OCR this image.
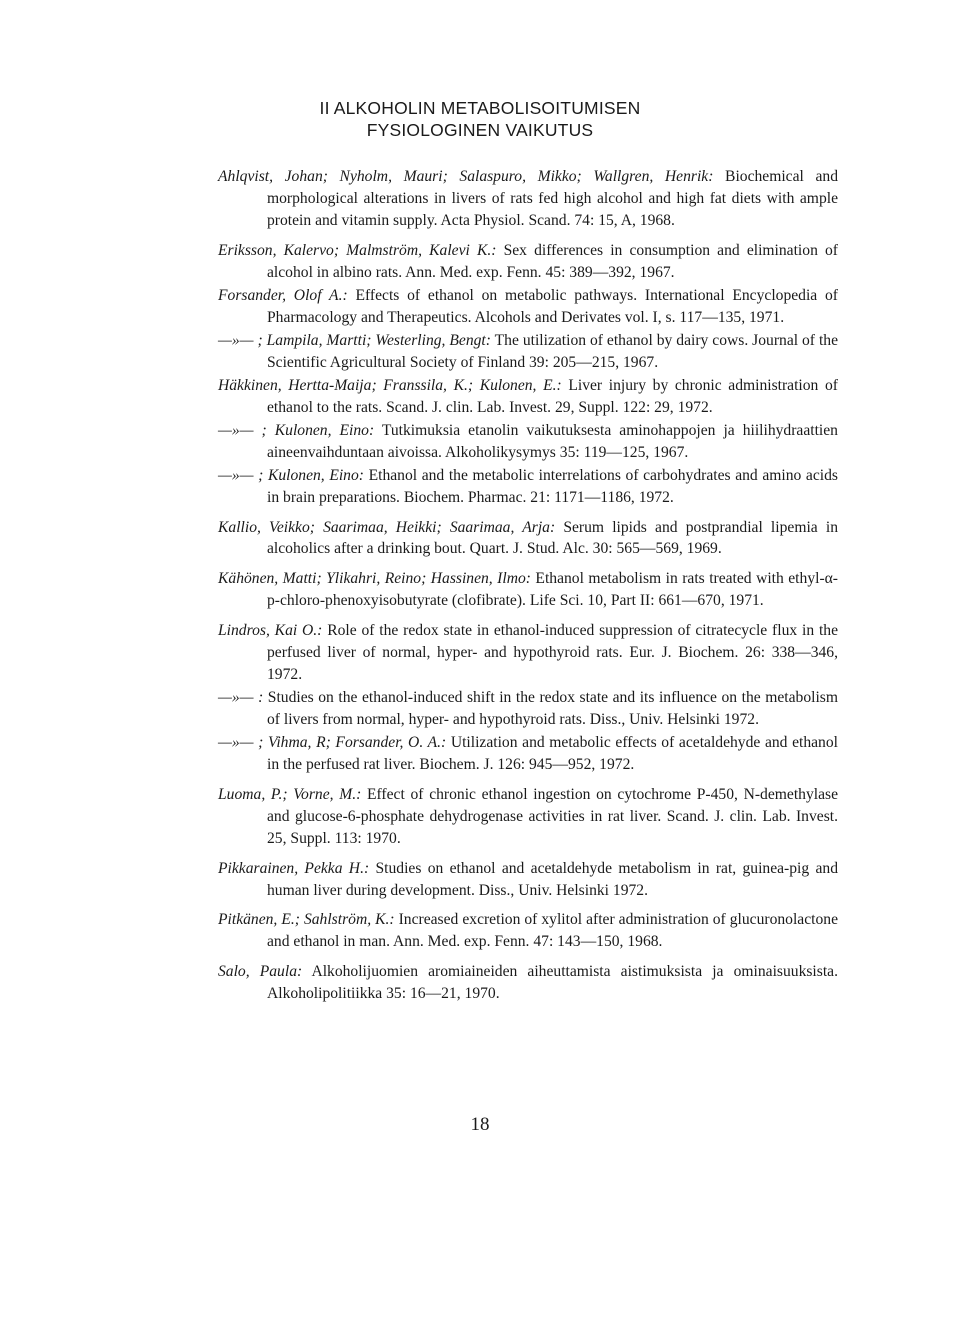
II ALKOHOLIN METABOLISOITUMISEN
FYSIOLOGINEN VAIKUTUS

Ahlqvist, Johan; Nyholm, Mauri; Salaspuro, Mikko; Wallgren, Henrik: Biochemical and morphological alterations in livers of rats fed high alcohol and high fat diets with ample protein and vitamin supply. Acta Physiol. Scand. 74: 15, A, 1968.

Eriksson, Kalervo; Malmström, Kalevi K.: Sex differences in consumption and elimination of alcohol in albino rats. Ann. Med. exp. Fenn. 45: 389—392, 1967.

Forsander, Olof A.: Effects of ethanol on metabolic pathways. International Encyclopedia of Pharmacology and Therapeutics. Alcohols and Derivates vol. I, s. 117—135, 1971.

—»— ; Lampila, Martti; Westerling, Bengt: The utilization of ethanol by dairy cows. Journal of the Scientific Agricultural Society of Finland 39: 205—215, 1967.

Häkkinen, Hertta-Maija; Franssila, K.; Kulonen, E.: Liver injury by chronic administration of ethanol to the rats. Scand. J. clin. Lab. Invest. 29, Suppl. 122: 29, 1972.

—»— ; Kulonen, Eino: Tutkimuksia etanolin vaikutuksesta aminohappojen ja hiilihydraattien aineenvaihduntaan aivoissa. Alkoholikysymys 35: 119—125, 1967.

—»— ; Kulonen, Eino: Ethanol and the metabolic interrelations of carbohydrates and amino acids in brain preparations. Biochem. Pharmac. 21: 1171—1186, 1972.

Kallio, Veikko; Saarimaa, Heikki; Saarimaa, Arja: Serum lipids and postprandial lipemia in alcoholics after a drinking bout. Quart. J. Stud. Alc. 30: 565—569, 1969.

Kähönen, Matti; Ylikahri, Reino; Hassinen, Ilmo: Ethanol metabolism in rats treated with ethyl-α-p-chloro-phenoxyisobutyrate (clofibrate). Life Sci. 10, Part II: 661—670, 1971.

Lindros, Kai O.: Role of the redox state in ethanol-induced suppression of citratecycle flux in the perfused liver of normal, hyper- and hypothyroid rats. Eur. J. Biochem. 26: 338—346, 1972.

—»— : Studies on the ethanol-induced shift in the redox state and its influence on the metabolism of livers from normal, hyper- and hypothyroid rats. Diss., Univ. Helsinki 1972.

—»— ; Vihma, R; Forsander, O. A.: Utilization and metabolic effects of acetaldehyde and ethanol in the perfused rat liver. Biochem. J. 126: 945—952, 1972.

Luoma, P.; Vorne, M.: Effect of chronic ethanol ingestion on cytochrome P-450, N-demethylase and glucose-6-phosphate dehydrogenase activities in rat liver. Scand. J. clin. Lab. Invest. 25, Suppl. 113: 1970.

Pikkarainen, Pekka H.: Studies on ethanol and acetaldehyde metabolism in rat, guinea-pig and human liver during development. Diss., Univ. Helsinki 1972.

Pitkänen, E.; Sahlström, K.: Increased excretion of xylitol after administration of glucuronolactone and ethanol in man. Ann. Med. exp. Fenn. 47: 143—150, 1968.

Salo, Paula: Alkoholijuomien aromiaineiden aiheuttamista aistimuksista ja ominaisuuksista. Alkoholipolitiikka 35: 16—21, 1970.

18
